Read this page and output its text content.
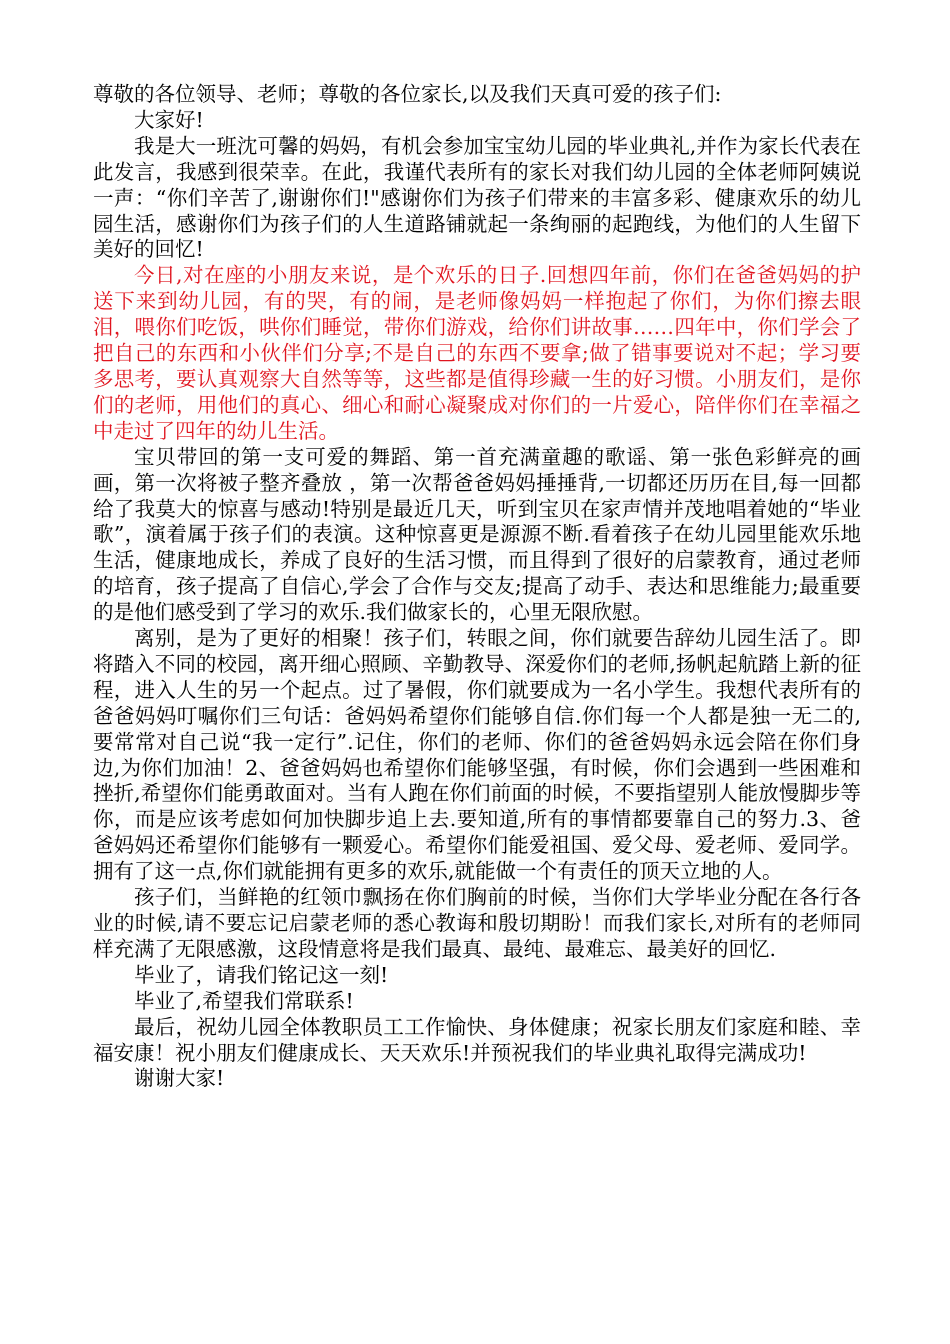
尊敬的各位领导、老师；尊敬的各位家长,以及我们天真可爱的孩子们:

大家好!

我是大一班沈可馨的妈妈，有机会参加宝宝幼儿园的毕业典礼,并作为家长代表在此发言，我感到很荣幸。在此，我谨代表所有的家长对我们幼儿园的全体老师阿姨说一声：“你们辛苦了,谢谢你们!"感谢你们为孩子们带来的丰富多彩、健康欢乐的幼儿园生活，感谢你们为孩子们的人生道路铺就起一条绚丽的起跑线，为他们的人生留下美好的回忆!

今日,对在座的小朋友来说，是个欢乐的日子.回想四年前，你们在爸爸妈妈的护送下来到幼儿园，有的哭，有的闹，是老师像妈妈一样抱起了你们，为你们擦去眼泪，喂你们吃饭，哄你们睡觉，带你们游戏，给你们讲故事……四年中，你们学会了把自己的东西和小伙伴们分享;不是自己的东西不要拿;做了错事要说对不起；学习要多思考，要认真观察大自然等等，这些都是值得珍藏一生的好习惯。小朋友们，是你们的老师，用他们的真心、细心和耐心凝聚成对你们的一片爱心，陪伴你们在幸福之中走过了四年的幼儿生活。

宝贝带回的第一支可爱的舞蹈、第一首充满童趣的歌谣、第一张色彩鲜亮的画画，第一次将被子整齐叠放 ，第一次帮爸爸妈妈捶捶背,一切都还历历在目,每一回都给了我莫大的惊喜与感动!特别是最近几天，听到宝贝在家声情并茂地唱着她的“毕业歌”，演着属于孩子们的表演。这种惊喜更是源源不断.看着孩子在幼儿园里能欢乐地生活，健康地成长，养成了良好的生活习惯，而且得到了很好的启蒙教育，通过老师的培育，孩子提高了自信心,学会了合作与交友;提高了动手、表达和思维能力;最重要的是他们感受到了学习的欢乐.我们做家长的，心里无限欣慰。

离别，是为了更好的相聚！孩子们，转眼之间，你们就要告辞幼儿园生活了。即将踏入不同的校园，离开细心照顾、辛勤教导、深爱你们的老师,扬帆起航踏上新的征程，进入人生的另一个起点。过了暑假，你们就要成为一名小学生。我想代表所有的爸爸妈妈叮嘱你们三句话：爸妈妈希望你们能够自信.你们每一个人都是独一无二的,要常常对自己说“我一定行”.记住，你们的老师、你们的爸爸妈妈永远会陪在你们身边,为你们加油！2、爸爸妈妈也希望你们能够坚强，有时候，你们会遇到一些困难和挫折,希望你们能勇敢面对。当有人跑在你们前面的时候，不要指望别人能放慢脚步等你，而是应该考虑如何加快脚步追上去.要知道,所有的事情都要靠自己的努力.3、爸爸妈妈还希望你们能够有一颗爱心。希望你们能爱祖国、爱父母、爱老师、爱同学。拥有了这一点,你们就能拥有更多的欢乐,就能做一个有责任的顶天立地的人。

孩子们，当鲜艳的红领巾飘扬在你们胸前的时候，当你们大学毕业分配在各行各业的时候,请不要忘记启蒙老师的悉心教诲和殷切期盼！而我们家长,对所有的老师同样充满了无限感激，这段情意将是我们最真、最纯、最难忘、最美好的回忆.

毕业了，请我们铭记这一刻!

毕业了,希望我们常联系!

最后，祝幼儿园全体教职员工工作愉快、身体健康；祝家长朋友们家庭和睦、幸福安康！祝小朋友们健康成长、天天欢乐!并预祝我们的毕业典礼取得完满成功!

谢谢大家!
